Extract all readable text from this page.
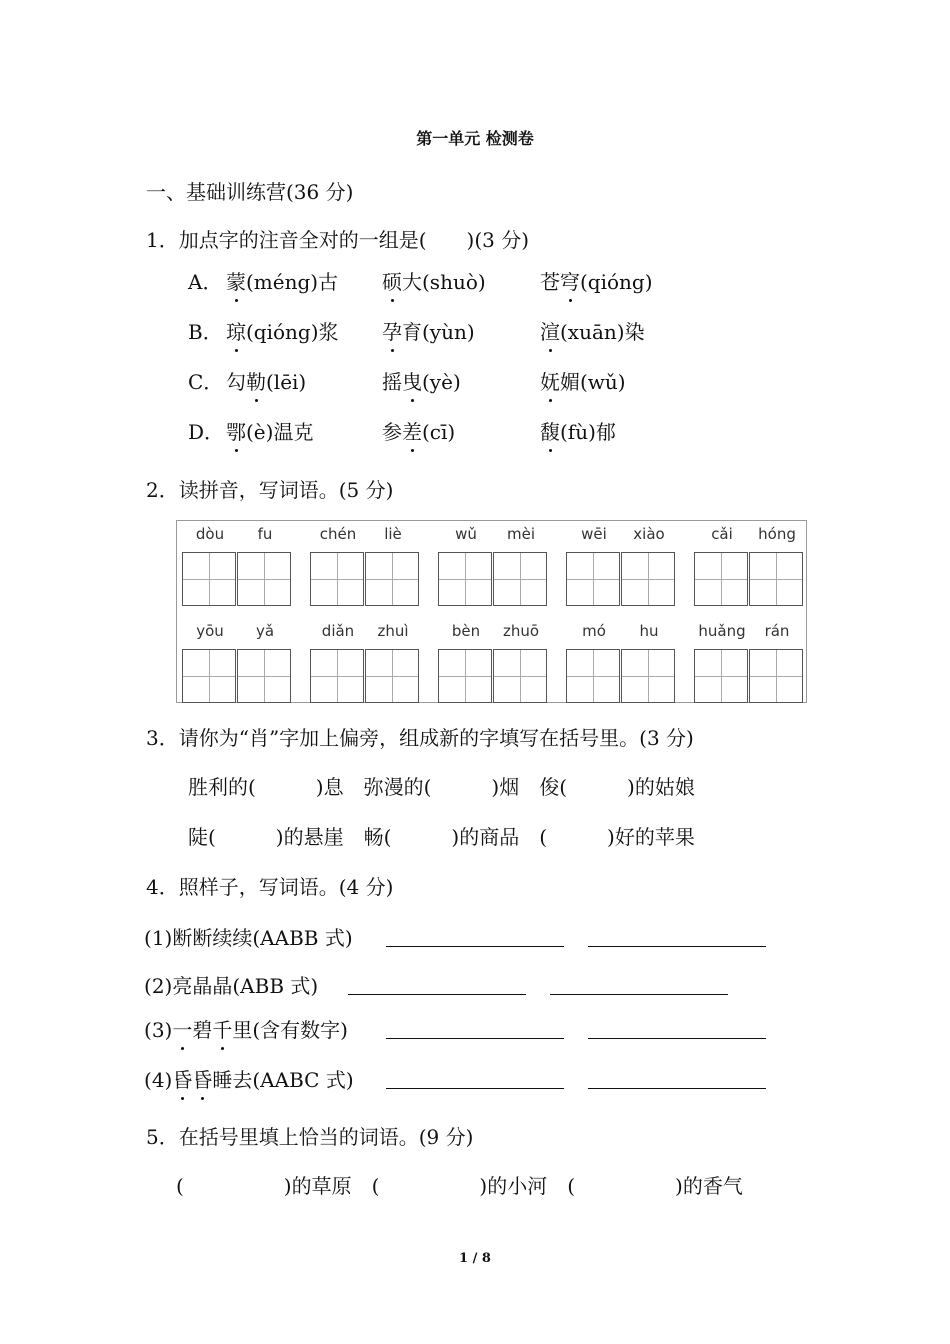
第一单元 检测卷
一、基础训练营(36 分)
1．加点字的注音全对的一组是(　　)(3 分)
A． 蒙(méng)古 硕大(shuò)	苍穹(qióng)
B． 琼(qióng)浆 孕育(yùn)	渲(xuān)染
C． 勾勒(lēi)	摇曳(yè)	妩媚(wǔ)
D． 鄂(è)温克	参差(cī)	馥(fù)郁
2．读拼音，写词语。(5 分)
dòu	fu	chén	liè	wǔ	mèi	wēi	xiào	cǎi	hóng
yōu	yǎ	diǎn	zhuì	bèn	zhuō	mó	hu	huǎng	rán
3．请你为“肖”字加上偏旁，组成新的字填写在括号里。(3 分)
胜利的(　　　)息　弥漫的(　　　)烟　俊(　　　)的姑娘
陡(　　　)的悬崖　畅(　　　)的商品　(　　　)好的苹果
4．照样子，写词语。(4 分)
(1)断断续续(AABB 式)
(2)亮晶晶(ABB 式)
(3)一碧千里(含有数字)
(4)昏昏睡去(AABC 式)
5．在括号里填上恰当的词语。(9 分)
(　　　　　)的草原　(　　　　　)的小河　(　　　　　)的香气
1 / 8
